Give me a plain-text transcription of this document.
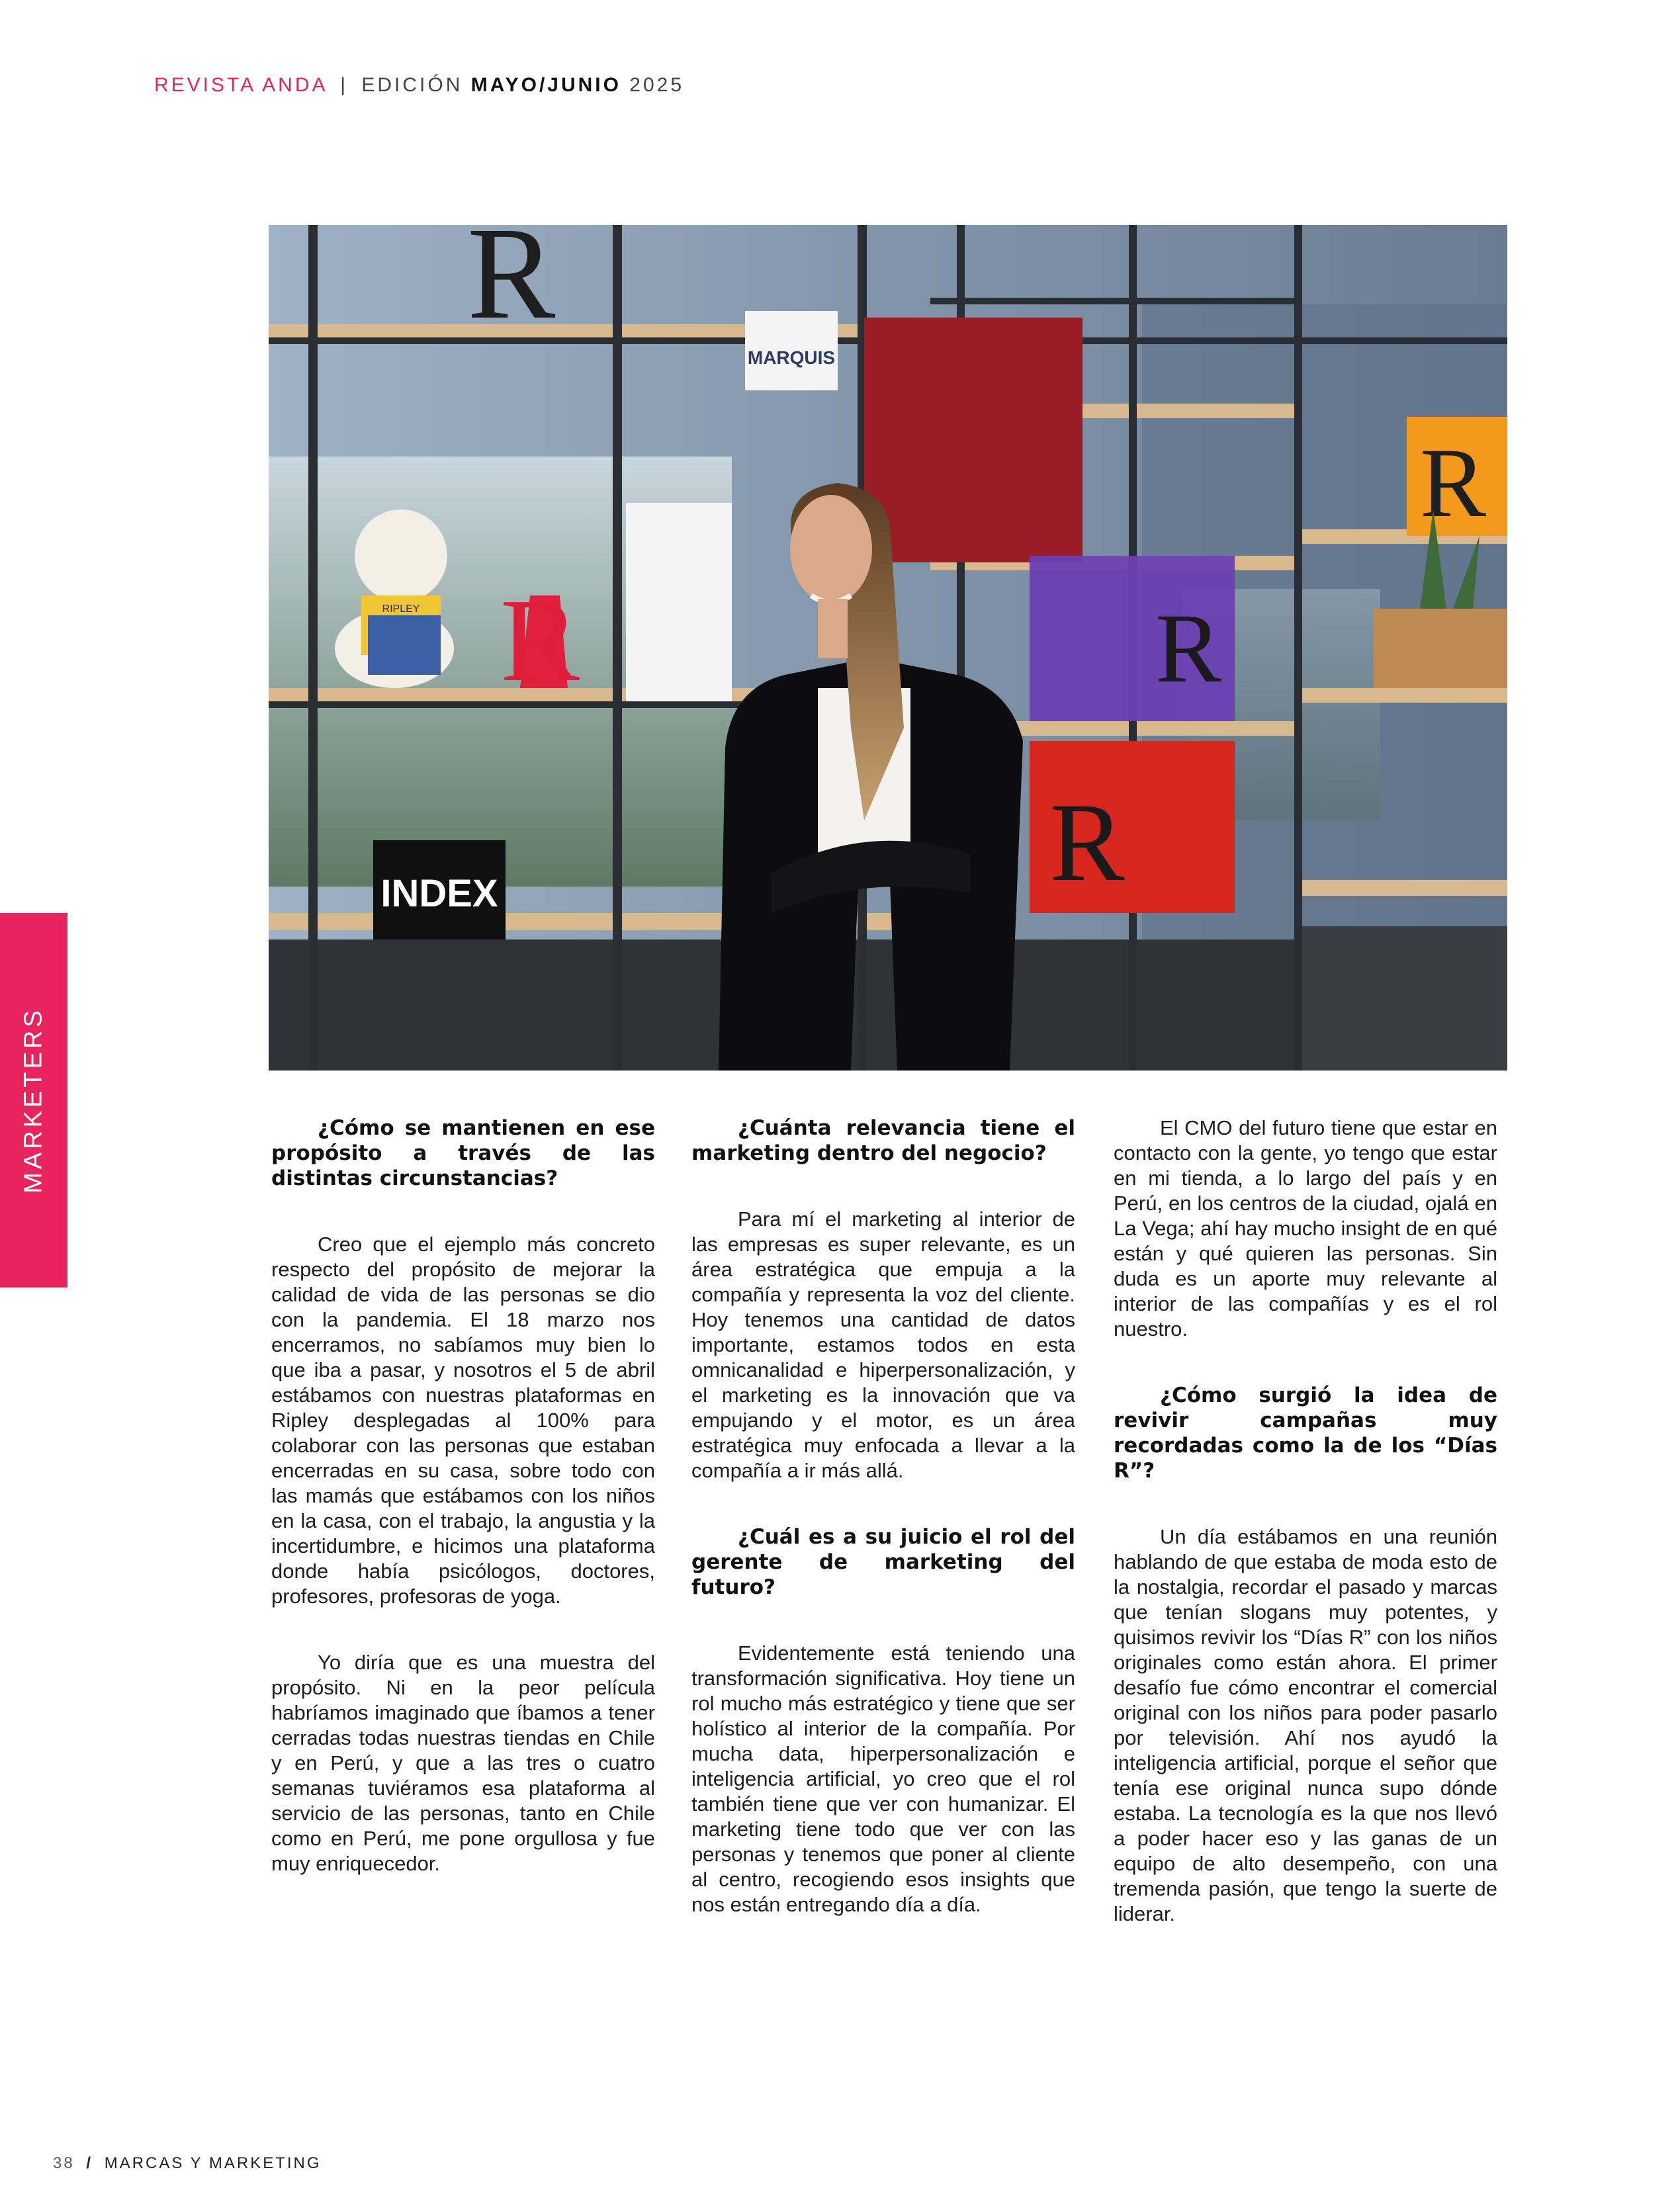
REVISTA ANDA | EDICIÓN MAYO/JUNIO 2025
MARKETERS
R
MARQUIS
R
R
R
RIPLEY R
INDEX
¿Cómo se mantienen en ese propósito a través de las distintas circunstancias?

Creo que el ejemplo más concreto respecto del propósito de mejorar la calidad de vida de las personas se dio con la pandemia. El 18 marzo nos encerramos, no sabíamos muy bien lo que iba a pasar, y nosotros el 5 de abril estábamos con nuestras plataformas en Ripley desplegadas al 100% para colaborar con las personas que estaban encerradas en su casa, sobre todo con las mamás que estábamos con los niños en la casa, con el trabajo, la angustia y la incertidumbre, e hicimos una plataforma donde había psicólogos, doctores, profesores, profesoras de yoga.

Yo diría que es una muestra del propósito. Ni en la peor película habríamos imaginado que íbamos a tener cerradas todas nuestras tiendas en Chile y en Perú, y que a las tres o cuatro semanas tuviéramos esa plataforma al servicio de las personas, tanto en Chile como en Perú, me pone orgullosa y fue muy enriquecedor.

¿Cuánta relevancia tiene el marketing dentro del negocio?

Para mí el marketing al interior de las empresas es super relevante, es un área estratégica que empuja a la compañía y representa la voz del cliente. Hoy tenemos una cantidad de datos importante, estamos todos en esta omnicanalidad e hiperpersonalización, y el marketing es la innovación que va empujando y el motor, es un área estratégica muy enfocada a llevar a la compañía a ir más allá.

¿Cuál es a su juicio el rol del gerente de marketing del futuro?

Evidentemente está teniendo una transformación significativa. Hoy tiene un rol mucho más estratégico y tiene que ser holístico al interior de la compañía. Por mucha data, hiperpersonalización e inteligencia artificial, yo creo que el rol también tiene que ver con humanizar. El marketing tiene todo que ver con las personas y tenemos que poner al cliente al centro, recogiendo esos insights que nos están entregando día a día.

El CMO del futuro tiene que estar en contacto con la gente, yo tengo que estar en mi tienda, a lo largo del país y en Perú, en los centros de la ciudad, ojalá en La Vega; ahí hay mucho insight de en qué están y qué quieren las personas. Sin duda es un aporte muy relevante al interior de las compañías y es el rol nuestro.

¿Cómo surgió la idea de revivir campañas muy recordadas como la de los “Días R”?

Un día estábamos en una reunión hablando de que estaba de moda esto de la nostalgia, recordar el pasado y marcas que tenían slogans muy potentes, y quisimos revivir los “Días R” con los niños originales como están ahora. El primer desafío fue cómo encontrar el comercial original con los niños para poder pasarlo por televisión. Ahí nos ayudó la inteligencia artificial, porque el señor que tenía ese original nunca supo dónde estaba. La tecnología es la que nos llevó a poder hacer eso y las ganas de un equipo de alto desempeño, con una tremenda pasión, que tengo la suerte de liderar.

38 / MARCAS Y MARKETING
